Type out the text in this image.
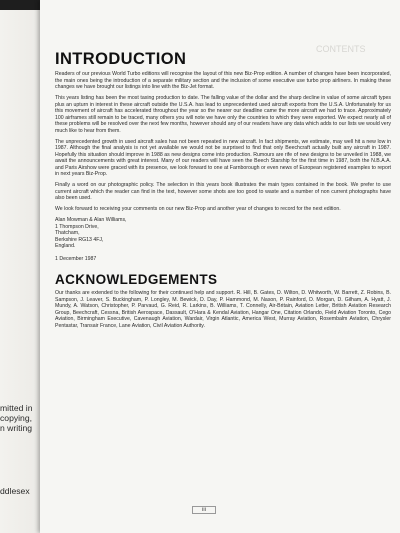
mitted in
copying,
n writing
ddlesex
CONTENTS
INTRODUCTION

Readers of our previous World Turbo editions will recognise the layout of this new Biz-Prop edition. A number of changes have been incorporated, the main ones being the introduction of a separate military section and the inclusion of some executive use turbo prop airliners. In making these changes we have brought our listings into line with the Biz-Jet format.

This years listing has been the most taxing production to date. The falling value of the dollar and the sharp decline in value of some aircraft types plus an upturn in interest in these aircraft outside the U.S.A. has lead to unprecedented used aircraft exports from the U.S.A. Unfortunately for us this movement of aircraft has accelerated throughout the year so the nearer our deadline came the more aircraft we had to trace. Approximately 100 airframes still remain to be traced, many others you will note we have only the countries to which they were exported. We expect nearly all of these problems will be resolved over the next few months, however should any of our readers have any data which adds to our lists we would very much like to hear from them.

The unprecedented growth in used aircraft sales has not been repeated in new aircraft. In fact shipments, we estimate, may well hit a new low in 1987. Although the final analysis is not yet available we would not be surprised to find that only Beechcraft actually built any aircraft in 1987. Hopefully this situation should improve in 1988 as new designs come into production. Rumours are rife of new designs to be unveiled in 1988, we await the announcements with great interest. Many of our readers will have seen the Beech Starship for the first time in 1987, both the N.B.A.A. and Paris Airshow were graced with its presence, we look forward to one at Farnborough or even news of European registered examples to report in next years Biz-Prop.

Finally a word on our photographic policy. The selection in this years book illustrates the main types contained in the book. We prefer to use current aircraft which the reader can find in the text, however some shots are too good to waste and a number of non current photographs have also been used.

We look forward to receiving your comments on our new Biz-Prop and another year of changes to record for the next edition.

Alan Mowman & Alan Williams,

1 Thompson Drive,

Thatcham,

Berkshire RG13 4FJ,

England.

1 December 1987

ACKNOWLEDGEMENTS

Our thanks are extended to the following for their continued help and support. R. Hill, B. Gates, D. Wilton, D. Whitworth, W. Barrett, Z. Robins, B. Sampson, J. Leaver, S. Buckingham, P. Longley, M. Bewick, D. Day, P. Hammond, M. Nason, P. Rainford, D. Morgan, D. Gilham, A. Hyatt, J. Mundy, A. Watson, Christopher, P. Parvaud, G. Reid, R. Larkins, B. Williams, T. Connelly, Air-Britain, Aviation Letter, British Aviation Research Group, Beechcraft, Cessna, British Aerospace, Dassault, O'Hara & Kendal Aviation, Hangar One, Citation Orlando, Field Aviation Toronto, Cego Aviation, Birmingham Executive, Cavenaugh Aviation, Wardair, Virgin Atlantic, America West, Murray Aviation, Rosembalm Aviation, Chrysler Pentastar, Transair France, Lane Aviation, Civil Aviation Authority.

iii
